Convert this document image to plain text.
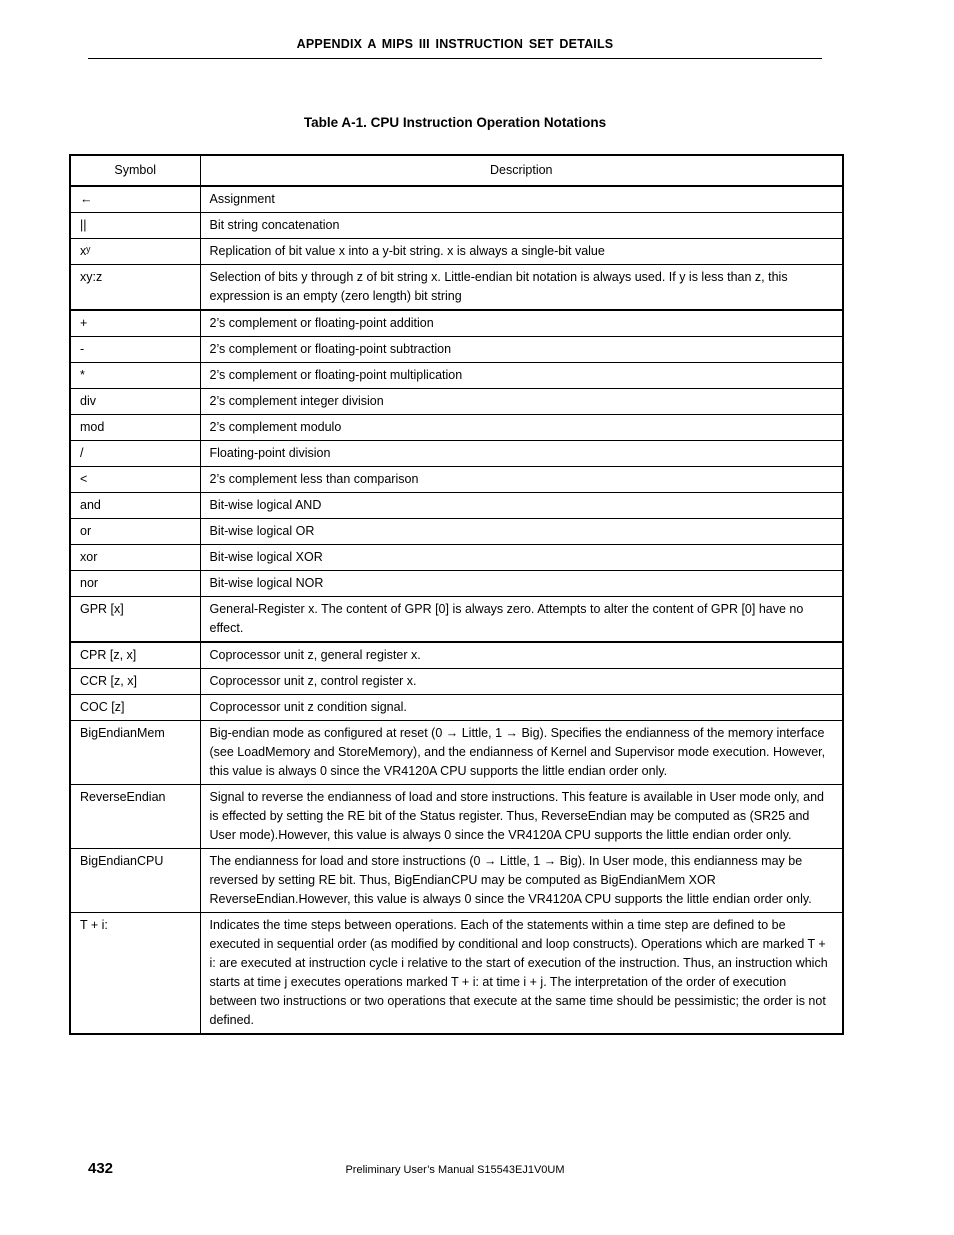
APPENDIX A MIPS III INSTRUCTION SET DETAILS
Table A-1. CPU Instruction Operation Notations
Symbol	Description
←	Assignment
||	Bit string concatenation
xʸ	Replication of bit value x into a y-bit string. x is always a single-bit value
xy:z	Selection of bits y through z of bit string x. Little-endian bit notation is always used. If y is less than z, this expression is an empty (zero length) bit string
+	2’s complement or floating-point addition
-	2’s complement or floating-point subtraction
*	2’s complement or floating-point multiplication
div	2’s complement integer division
mod	2’s complement modulo
/	Floating-point division
<	2’s complement less than comparison
and	Bit-wise logical AND
or	Bit-wise logical OR
xor	Bit-wise logical XOR
nor	Bit-wise logical NOR
GPR [x]	General-Register x. The content of GPR [0] is always zero. Attempts to alter the content of GPR [0] have no effect.
CPR [z, x]	Coprocessor unit z, general register x.
CCR [z, x]	Coprocessor unit z, control register x.
COC [z]	Coprocessor unit z condition signal.
BigEndianMem	Big-endian mode as configured at reset (0 → Little, 1 → Big). Specifies the endianness of the memory interface (see LoadMemory and StoreMemory), and the endianness of Kernel and Supervisor mode execution. However, this value is always 0 since the VR4120A CPU supports the little endian order only.
ReverseEndian	Signal to reverse the endianness of load and store instructions. This feature is available in User mode only, and is effected by setting the RE bit of the Status register. Thus, ReverseEndian may be computed as (SR25 and User mode).However, this value is always 0 since the VR4120A CPU supports the little endian order only.
BigEndianCPU	The endianness for load and store instructions (0 → Little, 1 → Big). In User mode, this endianness may be reversed by setting RE bit. Thus, BigEndianCPU may be computed as BigEndianMem XOR ReverseEndian.However, this value is always 0 since the VR4120A CPU supports the little endian order only.
T + i:	Indicates the time steps between operations. Each of the statements within a time step are defined to be executed in sequential order (as modified by conditional and loop constructs). Operations which are marked T + i: are executed at instruction cycle i relative to the start of execution of the instruction. Thus, an instruction which starts at time j executes operations marked T + i: at time i + j. The interpretation of the order of execution between two instructions or two operations that execute at the same time should be pessimistic; the order is not defined.
432	Preliminary User’s Manual S15543EJ1V0UM
